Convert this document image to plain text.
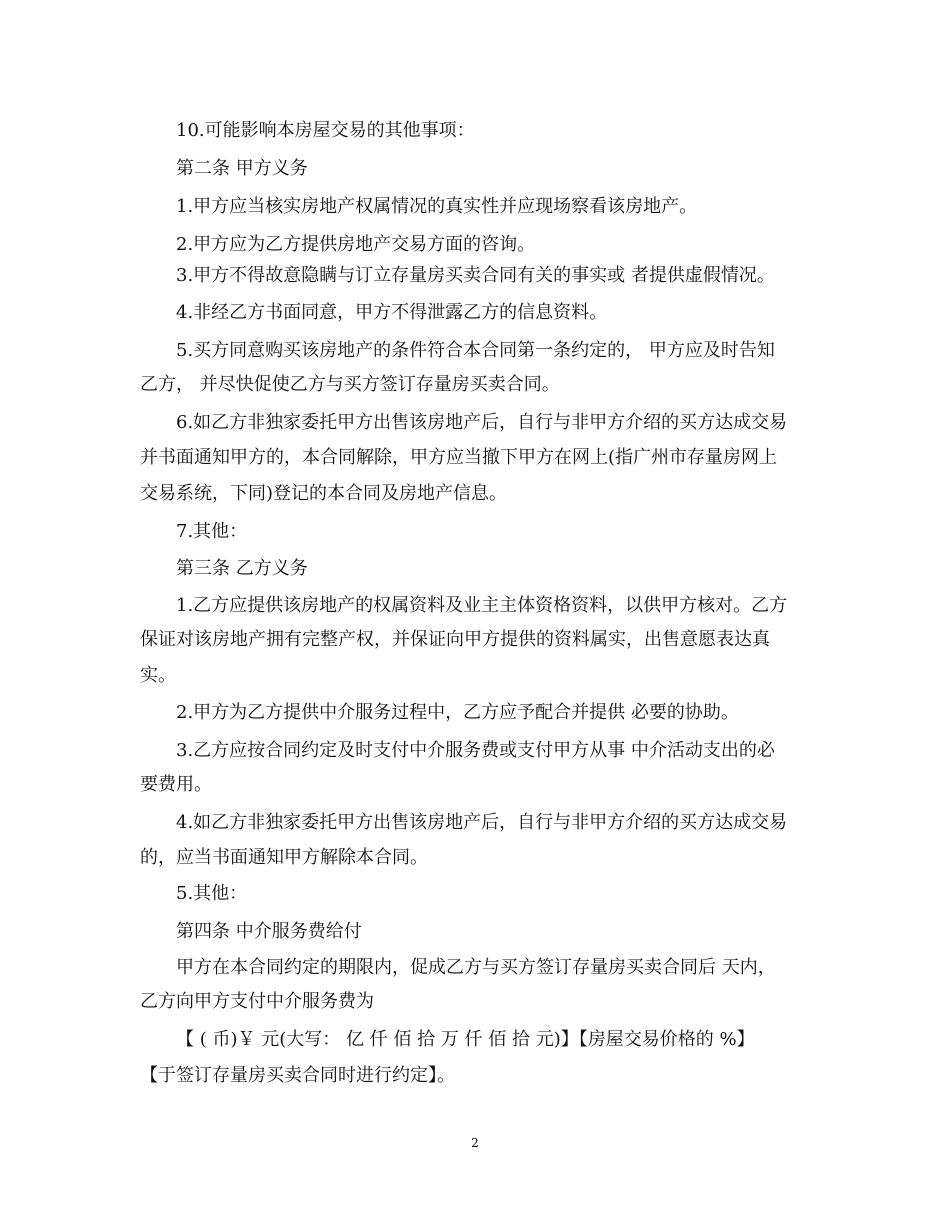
10.可能影响本房屋交易的其他事项：
第二条 甲方义务
1.甲方应当核实房地产权属情况的真实性并应现场察看该房地产。
2.甲方应为乙方提供房地产交易方面的咨询。
3.甲方不得故意隐瞒与订立存量房买卖合同有关的事实或 者提供虚假情况。
4.非经乙方书面同意，甲方不得泄露乙方的信息资料。
5.买方同意购买该房地产的条件符合本合同第一条约定的， 甲方应及时告知
乙方， 并尽快促使乙方与买方签订存量房买卖合同。
6.如乙方非独家委托甲方出售该房地产后，自行与非甲方介绍的买方达成交易
并书面通知甲方的，本合同解除，甲方应当撤下甲方在网上(指广州市存量房网上
交易系统，下同)登记的本合同及房地产信息。
7.其他：
第三条 乙方义务
1.乙方应提供该房地产的权属资料及业主主体资格资料，以供甲方核对。乙方
保证对该房地产拥有完整产权，并保证向甲方提供的资料属实，出售意愿表达真
实。
2.甲方为乙方提供中介服务过程中，乙方应予配合并提供 必要的协助。
3.乙方应按合同约定及时支付中介服务费或支付甲方从事 中介活动支出的必
要费用。
4.如乙方非独家委托甲方出售该房地产后，自行与非甲方介绍的买方达成交易
的，应当书面通知甲方解除本合同。
5.其他：
第四条 中介服务费给付
甲方在本合同约定的期限内，促成乙方与买方签订存量房买卖合同后 天内，
乙方向甲方支付中介服务费为
【 ( 币)￥ 元(大写： 亿 仟 佰 拾 万 仟 佰 拾 元)】【房屋交易价格的 %】
【于签订存量房买卖合同时进行约定】。
2
